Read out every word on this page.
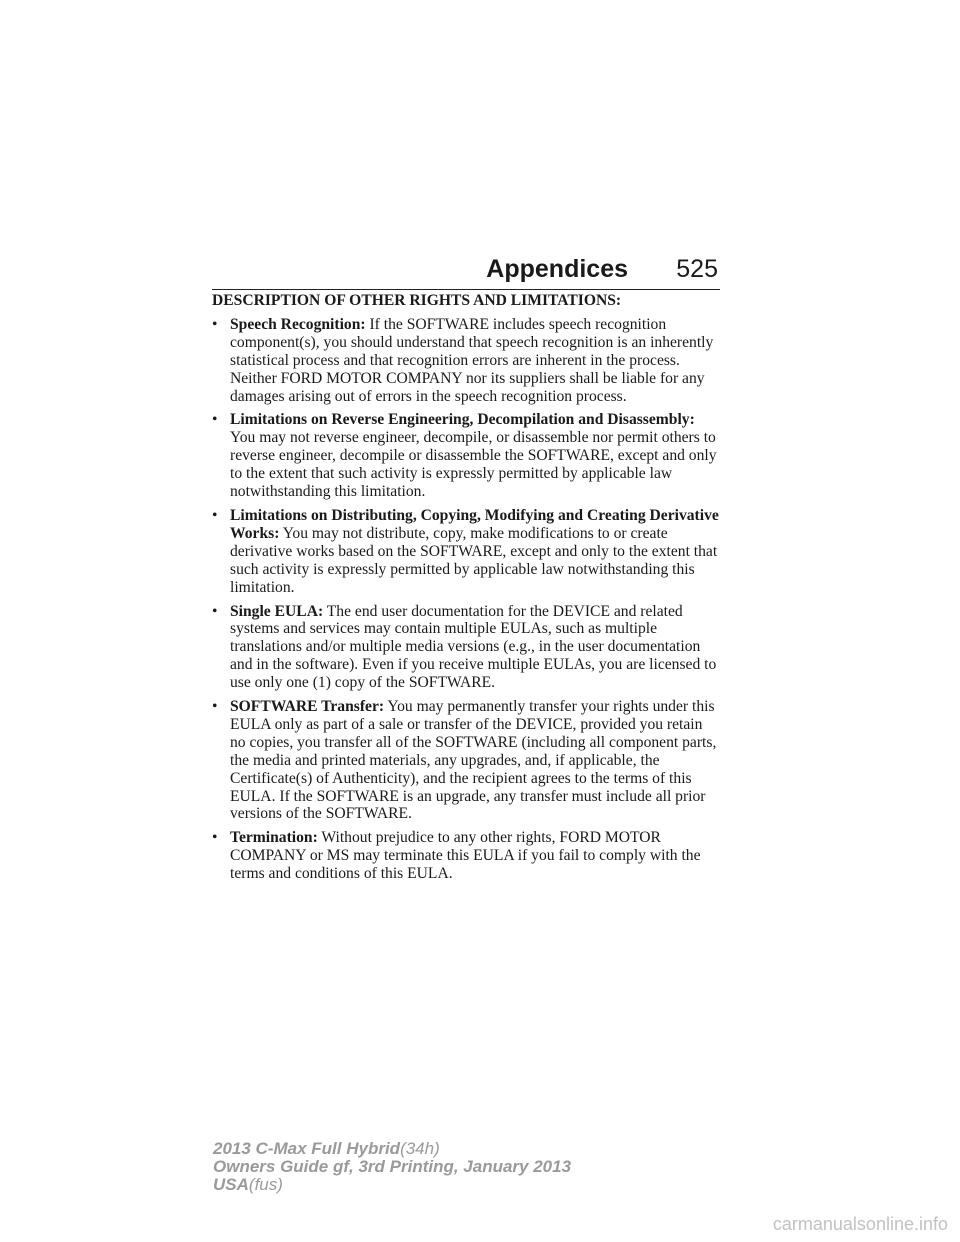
Appendices 525

DESCRIPTION OF OTHER RIGHTS AND LIMITATIONS:

• Speech Recognition: If the SOFTWARE includes speech recognition component(s), you should understand that speech recognition is an inherently statistical process and that recognition errors are inherent in the process. Neither FORD MOTOR COMPANY nor its suppliers shall be liable for any damages arising out of errors in the speech recognition process.
• Limitations on Reverse Engineering, Decompilation and Disassembly: You may not reverse engineer, decompile, or disassemble nor permit others to reverse engineer, decompile or disassemble the SOFTWARE, except and only to the extent that such activity is expressly permitted by applicable law notwithstanding this limitation.
• Limitations on Distributing, Copying, Modifying and Creating Derivative Works: You may not distribute, copy, make modifications to or create derivative works based on the SOFTWARE, except and only to the extent that such activity is expressly permitted by applicable law notwithstanding this limitation.
• Single EULA: The end user documentation for the DEVICE and related systems and services may contain multiple EULAs, such as multiple translations and/or multiple media versions (e.g., in the user documentation and in the software). Even if you receive multiple EULAs, you are licensed to use only one (1) copy of the SOFTWARE.
• SOFTWARE Transfer: You may permanently transfer your rights under this EULA only as part of a sale or transfer of the DEVICE, provided you retain no copies, you transfer all of the SOFTWARE (including all component parts, the media and printed materials, any upgrades, and, if applicable, the Certificate(s) of Authenticity), and the recipient agrees to the terms of this EULA. If the SOFTWARE is an upgrade, any transfer must include all prior versions of the SOFTWARE.
• Termination: Without prejudice to any other rights, FORD MOTOR COMPANY or MS may terminate this EULA if you fail to comply with the terms and conditions of this EULA.
2013 C-Max Full Hybrid(34h)
Owners Guide gf, 3rd Printing, January 2013
USA(fus)
carmanualsonline.info
